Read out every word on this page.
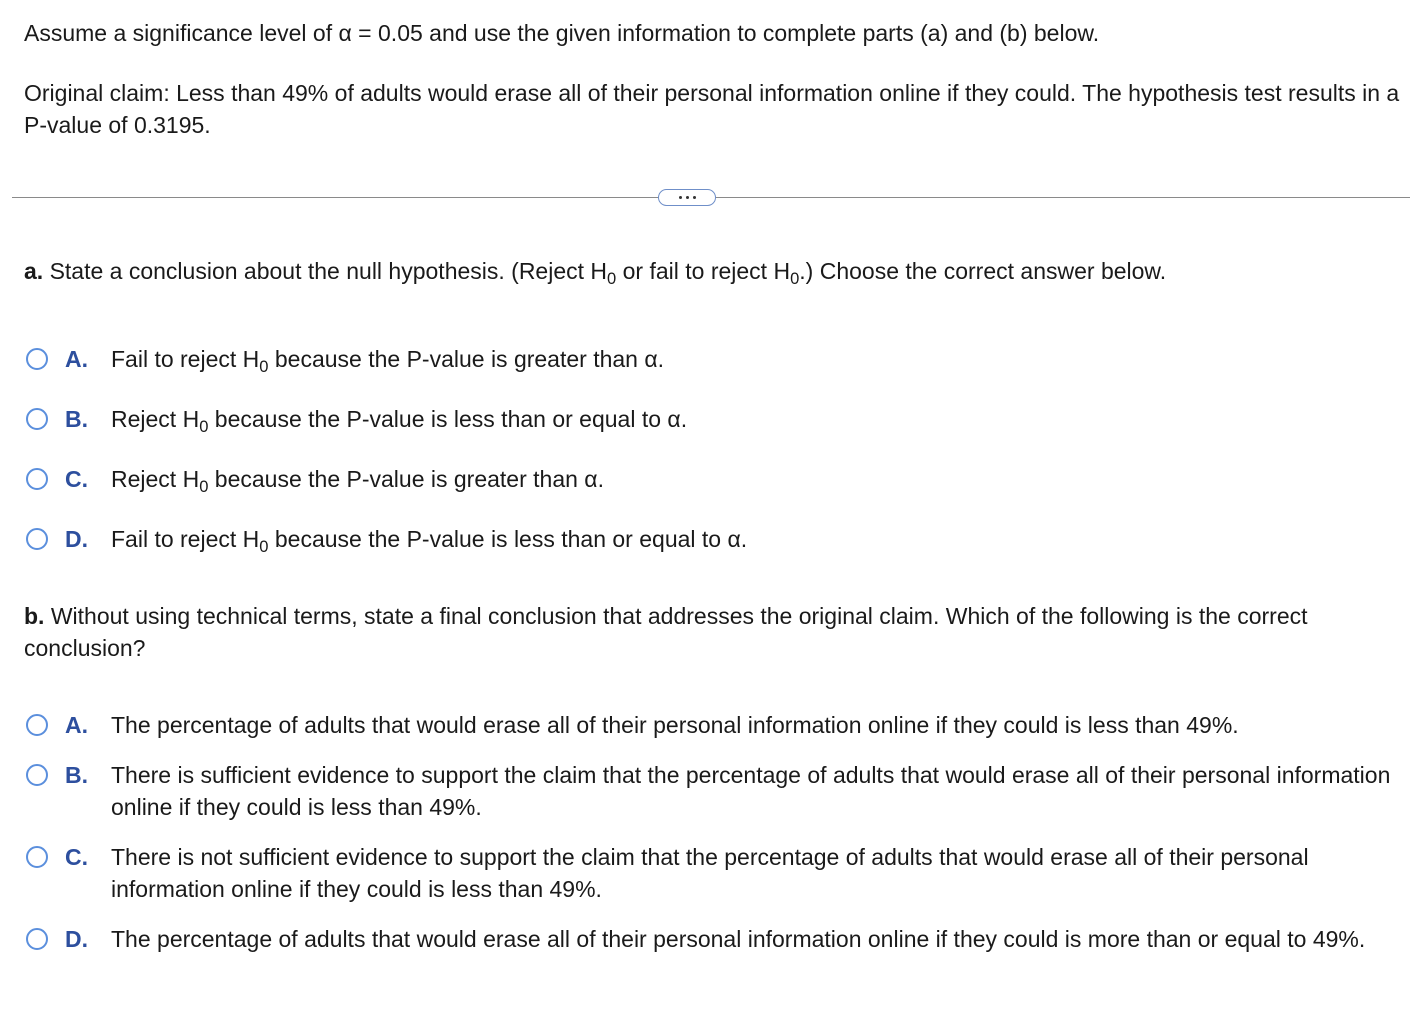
Assume a significance level of α = 0.05 and use the given information to complete parts (a) and (b) below.

Original claim: Less than 49% of adults would erase all of their personal information online if they could. The hypothesis test results in a P-value of 0.3195.

a. State a conclusion about the null hypothesis. (Reject $H_0$ or fail to reject $H_0$.) Choose the correct answer below.

A.	Fail to reject $H_0$ because the P-value is greater than α.
B.	Reject $H_0$ because the P-value is less than or equal to α.
C.	Reject $H_0$ because the P-value is greater than α.
D.	Fail to reject $H_0$ because the P-value is less than or equal to α.

b. Without using technical terms, state a final conclusion that addresses the original claim. Which of the following is the correct conclusion?

A.	The percentage of adults that would erase all of their personal information online if they could is less than 49%.
B.	There is sufficient evidence to support the claim that the percentage of adults that would erase all of their personal information online if they could is less than 49%.
C.	There is not sufficient evidence to support the claim that the percentage of adults that would erase all of their personal information online if they could is less than 49%.
D.	The percentage of adults that would erase all of their personal information online if they could is more than or equal to 49%.
